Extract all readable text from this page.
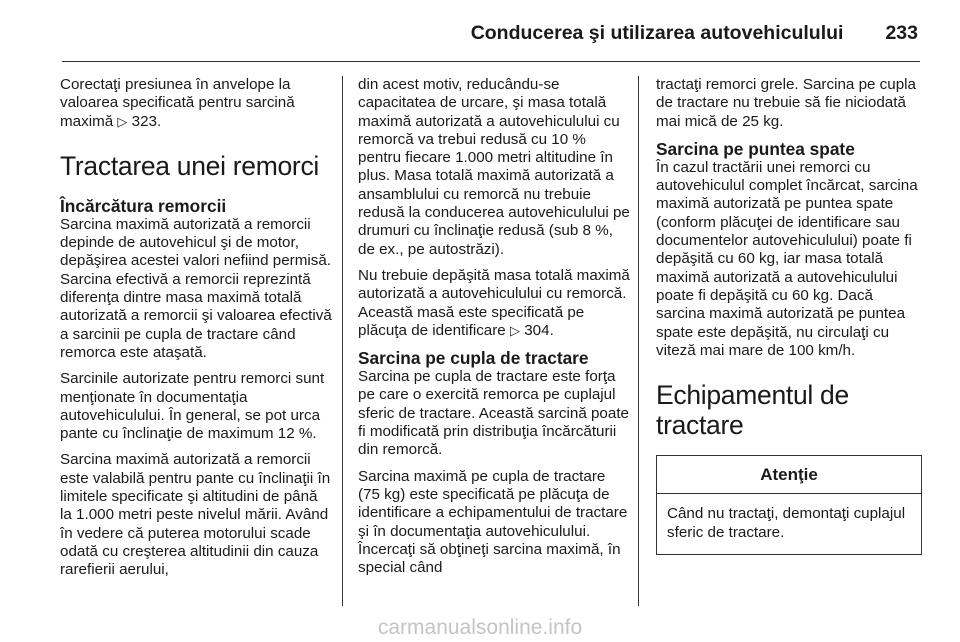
Conducerea şi utilizarea autovehiculului 233

Corectaţi presiunea în anvelope la valoarea specificată pentru sarcină maximă ▷ 323.

Tractarea unei remorci
Încărcătura remorcii

Sarcina maximă autorizată a remorcii depinde de autovehicul şi de motor, depăşirea acestei valori nefiind permisă. Sarcina efectivă a remorcii reprezintă diferenţa dintre masa maximă totală autorizată a remorcii şi valoarea efectivă a sarcinii pe cupla de tractare când remorca este ataşată.

Sarcinile autorizate pentru remorci sunt menţionate în documentaţia autovehiculului. În general, se pot urca pante cu înclinaţie de maximum 12 %.

Sarcina maximă autorizată a remorcii este valabilă pentru pante cu înclinaţii în limitele specificate şi altitudini de până la 1.000 metri peste nivelul mării. Având în vedere că puterea motorului scade odată cu creşterea altitudinii din cauza rarefierii aerului,

din acest motiv, reducându-se capacitatea de urcare, şi masa totală maximă autorizată a autovehiculului cu remorcă va trebui redusă cu 10 % pentru fiecare 1.000 metri altitudine în plus. Masa totală maximă autorizată a ansamblului cu remorcă nu trebuie redusă la conducerea autovehiculului pe drumuri cu înclinaţie redusă (sub 8 %, de ex., pe autostrăzi).

Nu trebuie depăşită masa totală maximă autorizată a autovehiculului cu remorcă. Această masă este specificată pe plăcuţa de identificare ▷ 304.

Sarcina pe cupla de tractare

Sarcina pe cupla de tractare este forţa pe care o exercită remorca pe cuplajul sferic de tractare. Această sarcină poate fi modificată prin distribuţia încărcăturii din remorcă.

Sarcina maximă pe cupla de tractare (75 kg) este specificată pe plăcuţa de identificare a echipamentului de tractare şi în documentaţia autovehiculului. Încercaţi să obţineţi sarcina maximă, în special când

tractaţi remorci grele. Sarcina pe cupla de tractare nu trebuie să fie niciodată mai mică de 25 kg.

Sarcina pe puntea spate

În cazul tractării unei remorci cu autovehiculul complet încărcat, sarcina maximă autorizată pe puntea spate (conform plăcuţei de identificare sau documentelor autovehiculului) poate fi depăşită cu 60 kg, iar masa totală maximă autorizată a autovehiculului poate fi depăşită cu 60 kg. Dacă sarcina maximă autorizată pe puntea spate este depăşită, nu circulaţi cu viteză mai mare de 100 km/h.

Echipamentul de tractare
Atenţie
Când nu tractaţi, demontaţi cuplajul sferic de tractare.
carmanualsonline.info
